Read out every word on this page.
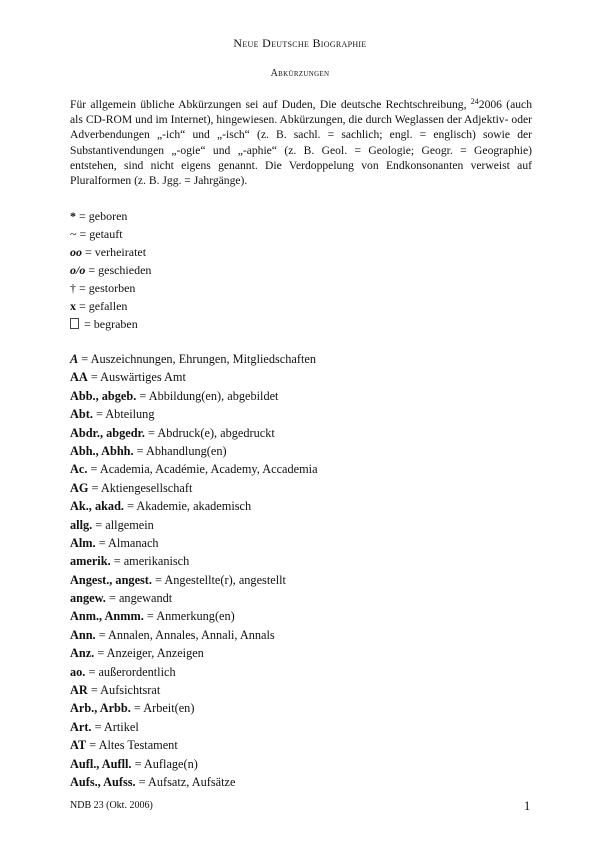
Neue Deutsche Biographie
Abkürzungen
Für allgemein übliche Abkürzungen sei auf Duden, Die deutsche Rechtschreibung, $^{24}$2006 (auch als CD-ROM und im Internet), hingewiesen. Abkürzungen, die durch Weglassen der Adjektiv- oder Adverbendungen „-ich“ und „-isch“ (z. B. sachl. = sachlich; engl. = englisch) sowie der Substantivendungen „-ogie“ und „-aphie“ (z. B. Geol. = Geologie; Geogr. = Geographie) entstehen, sind nicht eigens genannt. Die Verdoppelung von Endkonsonanten verweist auf Pluralformen (z. B. Jgg. = Jahrgänge).
* = geboren
~ = getauft
oo = verheiratet
o/o = geschieden
† = gestorben
x = gefallen
= begraben
A = Auszeichnungen, Ehrungen, Mitgliedschaften
AA = Auswärtiges Amt
Abb., abgeb. = Abbildung(en), abgebildet
Abt. = Abteilung
Abdr., abgedr. = Abdruck(e), abgedruckt
Abh., Abhh. = Abhandlung(en)
Ac. = Academia, Académie, Academy, Accademia
AG = Aktiengesellschaft
Ak., akad. = Akademie, akademisch
allg. = allgemein
Alm. = Almanach
amerik. = amerikanisch
Angest., angest. = Angestellte(r), angestellt
angew. = angewandt
Anm., Anmm. = Anmerkung(en)
Ann. = Annalen, Annales, Annali, Annals
Anz. = Anzeiger, Anzeigen
ao. = außerordentlich
AR = Aufsichtsrat
Arb., Arbb. = Arbeit(en)
Art. = Artikel
AT = Altes Testament
Aufl., Aufll. = Auflage(n)
Aufs., Aufss. = Aufsatz, Aufsätze
NDB 23 (Okt. 2006)	1
